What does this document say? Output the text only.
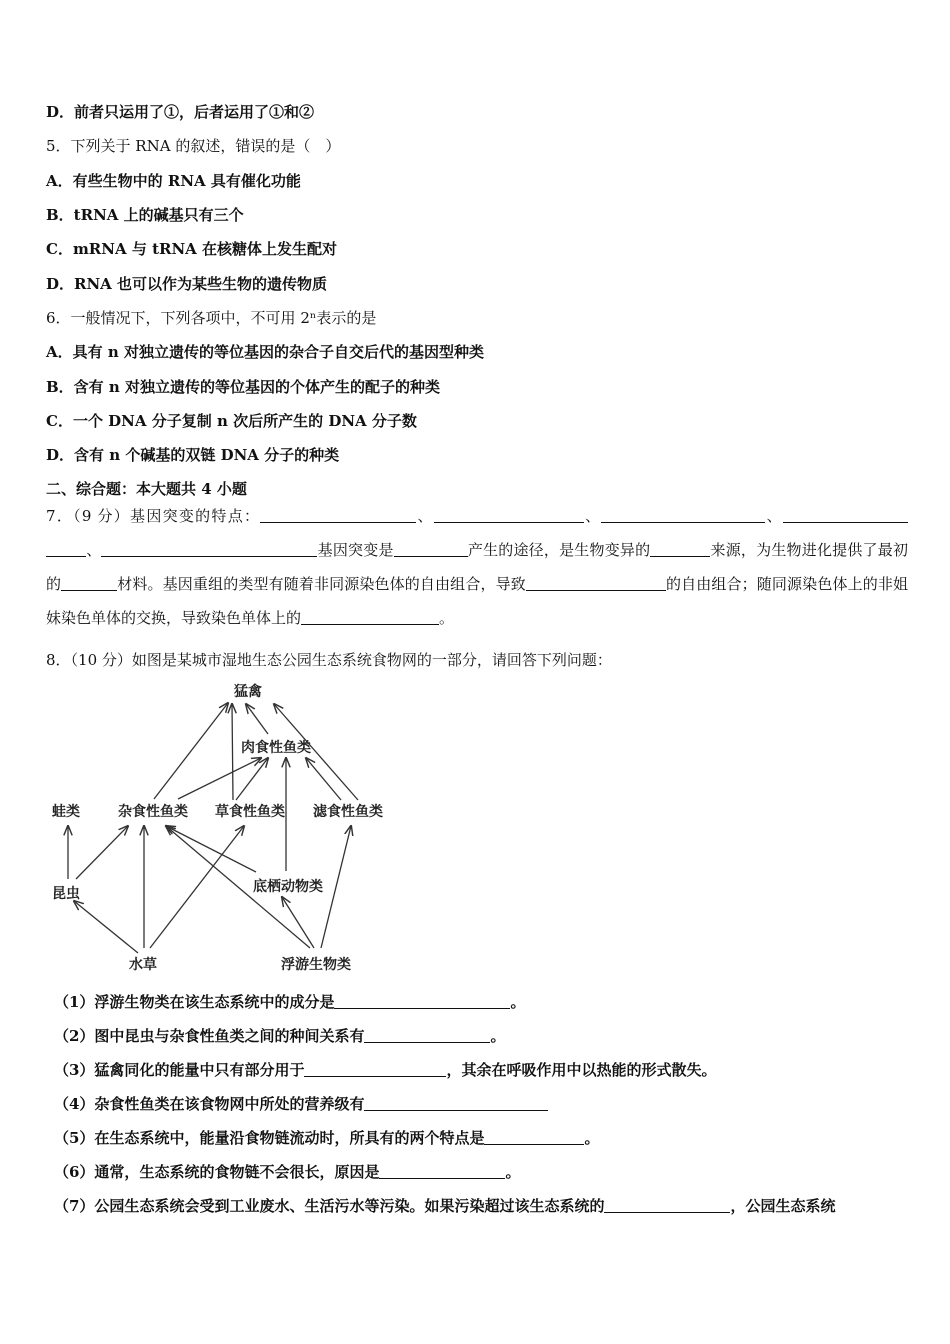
D．前者只运用了①，后者运用了①和②
5．下列关于 RNA 的叙述，错误的是（　）
A．有些生物中的 RNA 具有催化功能
B．tRNA 上的碱基只有三个
C．mRNA 与 tRNA 在核糖体上发生配对
D．RNA 也可以作为某些生物的遗传物质
6．一般情况下，下列各项中，不可用 2ⁿ表示的是
A．具有 n 对独立遗传的等位基因的杂合子自交后代的基因型种类
B．含有 n 对独立遗传的等位基因的个体产生的配子的种类
C．一个 DNA 分子复制 n 次后所产生的 DNA 分子数
D．含有 n 个碱基的双链 DNA 分子的种类
二、综合题：本大题共 4 小题
7．（9 分）基因突变的特点：	、	、	、 、	基因突变是	产生的途径，是生物变异的	来源，为生物进化提供了最初的	材料。基因重组的类型有随着非同源染色体的自由组合，导致	的自由组合；随同源染色体上的非姐妹染色单体的交换，导致染色单体上的	。
8．（10 分）如图是某城市湿地生态公园生态系统食物网的一部分，请回答下列问题：
猛禽
肉食性鱼类
蛙类	杂食性鱼类 草食性鱼类 滤食性鱼类
昆虫	底栖动物类
水草	浮游生物类
（1）浮游生物类在该生态系统中的成分是	。
（2）图中昆虫与杂食性鱼类之间的种间关系有	。
（3）猛禽同化的能量中只有部分用于	，其余在呼吸作用中以热能的形式散失。
（4）杂食性鱼类在该食物网中所处的营养级有
（5）在生态系统中，能量沿食物链流动时，所具有的两个特点是	。
（6）通常，生态系统的食物链不会很长，原因是	。
（7）公园生态系统会受到工业废水、生活污水等污染。如果污染超过该生态系统的	，公园生态系统
